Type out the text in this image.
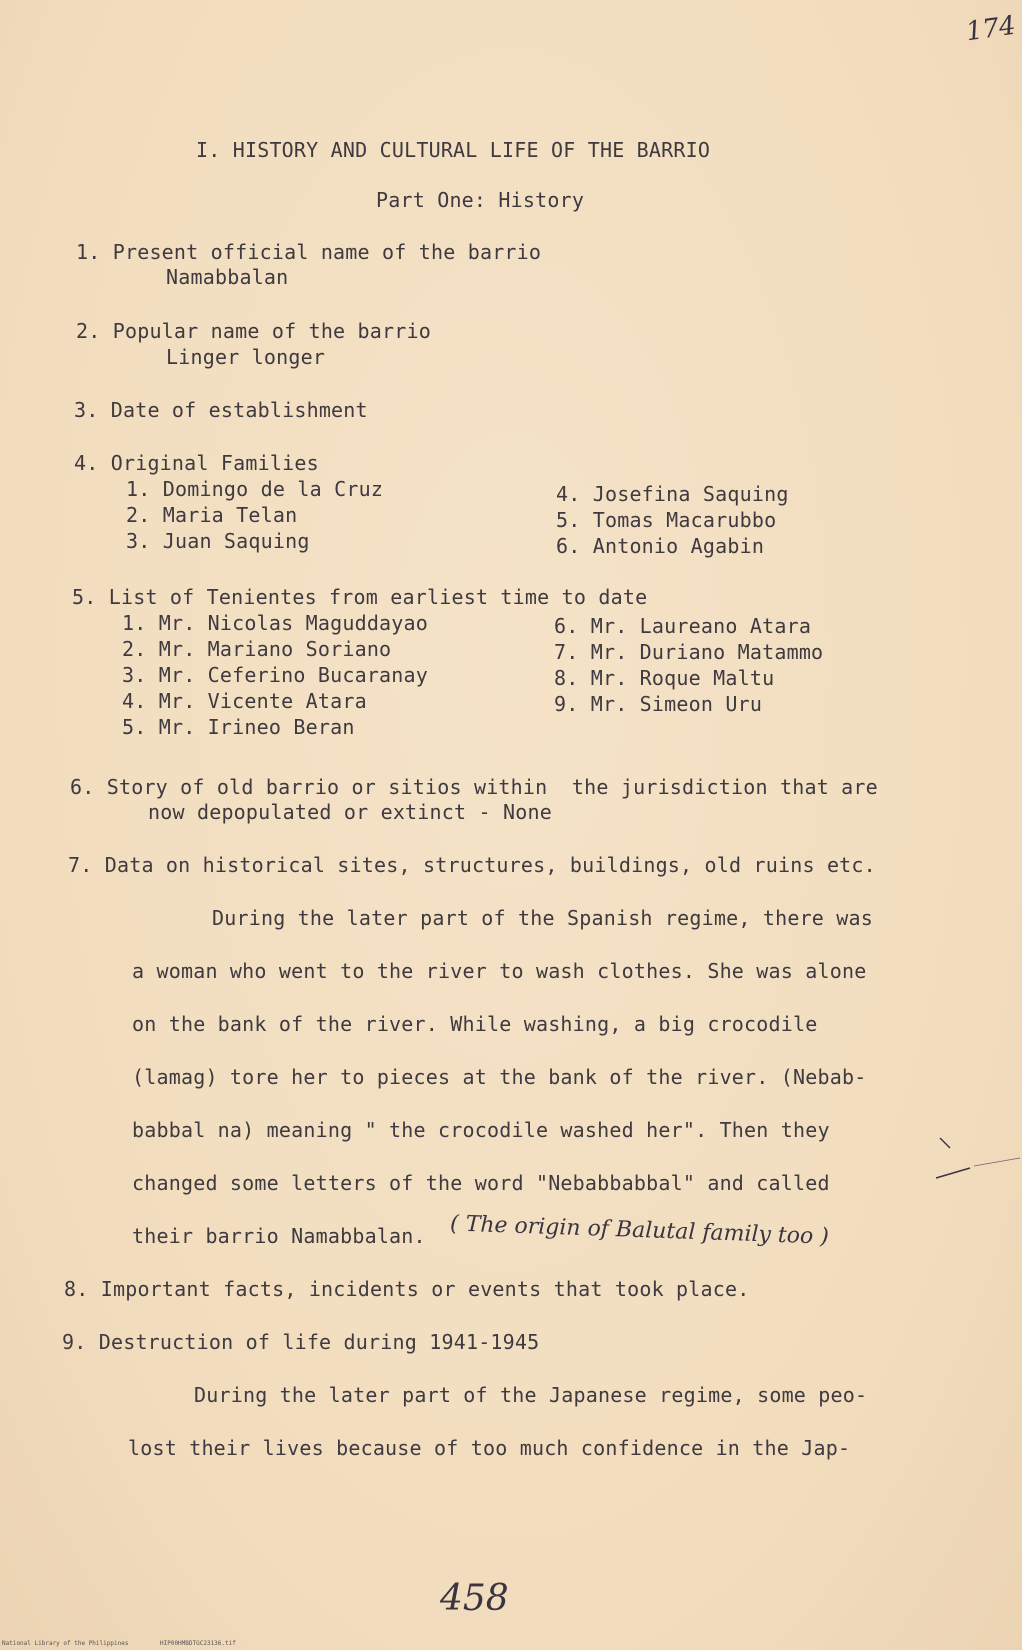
174
I. HISTORY AND CULTURAL LIFE OF THE BARRIO
Part One: History
1. Present official name of the barrio
Namabbalan
2. Popular name of the barrio
Linger longer
3. Date of establishment
4. Original Families
1. Domingo de la Cruz
2. Maria Telan
3. Juan Saquing
4. Josefina Saquing
5. Tomas Macarubbo
6. Antonio Agabin
5. List of Tenientes from earliest time to date
1. Mr. Nicolas Maguddayao
2. Mr. Mariano Soriano
3. Mr. Ceferino Bucaranay
4. Mr. Vicente Atara
5. Mr. Irineo Beran
6. Mr. Laureano Atara
7. Mr. Duriano Matammo
8. Mr. Roque Maltu
9. Mr. Simeon Uru
6. Story of old barrio or sitios within  the jurisdiction that are
now depopulated or extinct - None
7. Data on historical sites, structures, buildings, old ruins etc.
During the later part of the Spanish regime, there was
a woman who went to the river to wash clothes. She was alone
on the bank of the river. While washing, a big crocodile
(lamag) tore her to pieces at the bank of the river. (Nebab-
babbal na) meaning " the crocodile washed her". Then they
changed some letters of the word "Nebabbabbal" and called
their barrio Namabbalan. ( The origin of Balutal family too )
8. Important facts, incidents or events that took place.
9. Destruction of life during 1941-1945
During the later part of the Japanese regime, some peo-
lost their lives because of too much confidence in the Jap-
458
National Library of the Philippines	HIP00HMBDTGC23136.tif
